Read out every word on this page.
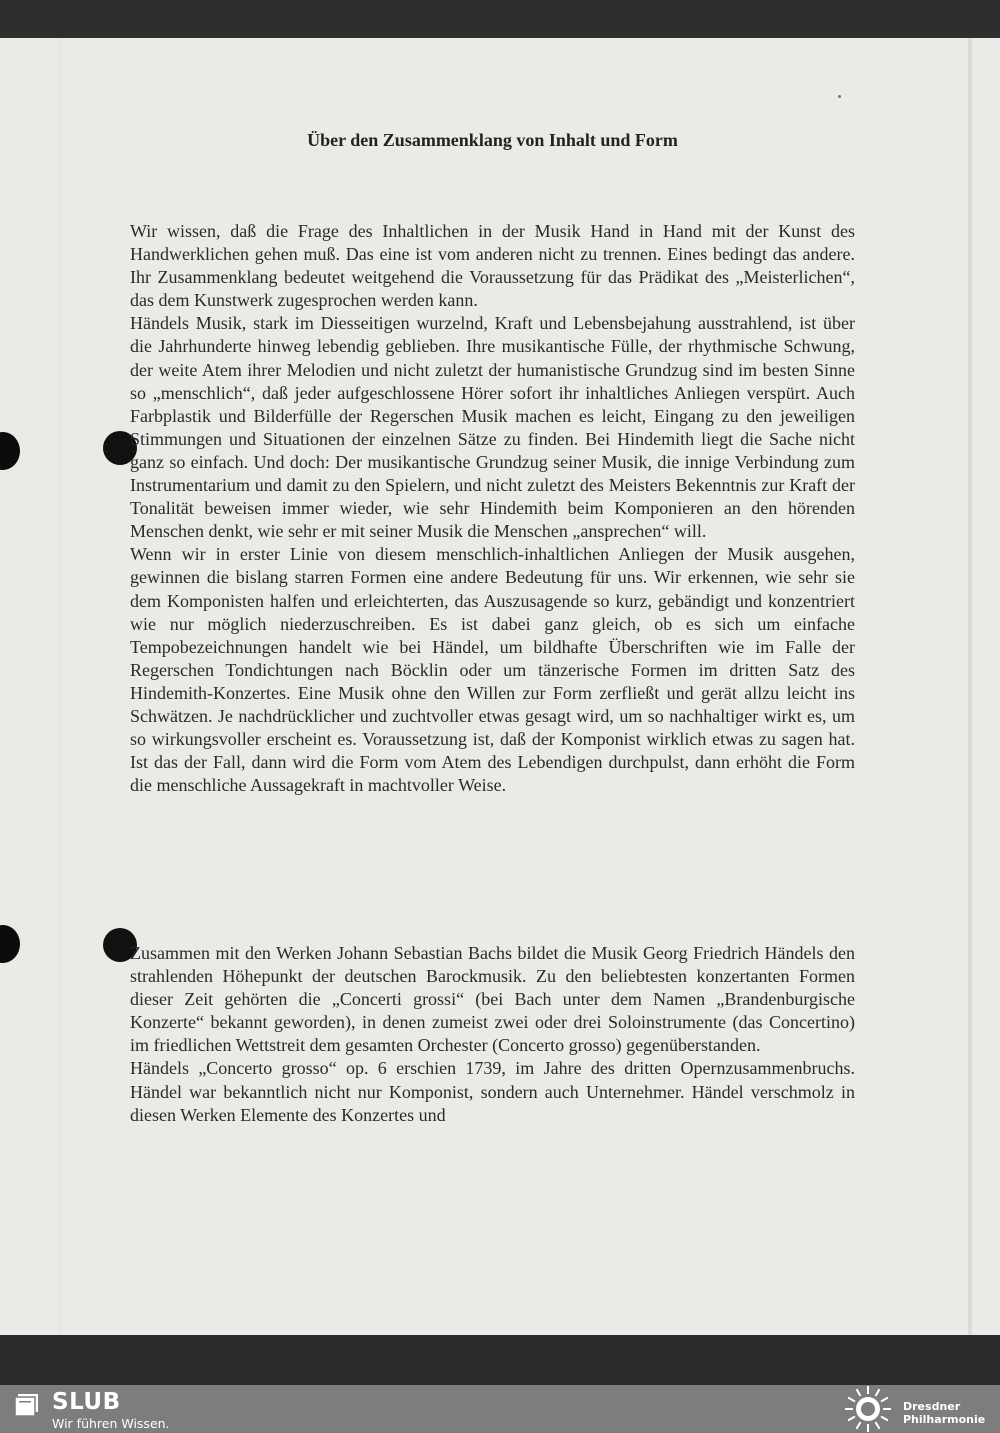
Über den Zusammenklang von Inhalt und Form

Wir wissen, daß die Frage des Inhaltlichen in der Musik Hand in Hand mit der Kunst des Handwerklichen gehen muß. Das eine ist vom anderen nicht zu trennen. Eines bedingt das andere. Ihr Zusammenklang bedeutet weitgehend die Voraussetzung für das Prädikat des „Meisterlichen“, das dem Kunstwerk zugesprochen werden kann.

Händels Musik, stark im Diesseitigen wurzelnd, Kraft und Lebensbejahung ausstrahlend, ist über die Jahrhunderte hinweg lebendig geblieben. Ihre musikantische Fülle, der rhythmische Schwung, der weite Atem ihrer Melodien und nicht zuletzt der humanistische Grundzug sind im besten Sinne so „menschlich“, daß jeder aufgeschlossene Hörer sofort ihr inhaltliches Anliegen verspürt. Auch Farbplastik und Bilderfülle der Regerschen Musik machen es leicht, Eingang zu den jeweiligen Stimmungen und Situationen der einzelnen Sätze zu finden. Bei Hindemith liegt die Sache nicht ganz so einfach. Und doch: Der musikantische Grundzug seiner Musik, die innige Verbindung zum Instrumentarium und damit zu den Spielern, und nicht zuletzt des Meisters Bekenntnis zur Kraft der Tonalität beweisen immer wieder, wie sehr Hindemith beim Komponieren an den hörenden Menschen denkt, wie sehr er mit seiner Musik die Menschen „ansprechen“ will.

Wenn wir in erster Linie von diesem menschlich-inhaltlichen Anliegen der Musik ausgehen, gewinnen die bislang starren Formen eine andere Bedeutung für uns. Wir erkennen, wie sehr sie dem Komponisten halfen und erleichterten, das Auszusagende so kurz, gebändigt und konzentriert wie nur möglich niederzuschreiben. Es ist dabei ganz gleich, ob es sich um einfache Tempobezeichnungen handelt wie bei Händel, um bildhafte Überschriften wie im Falle der Regerschen Tondichtungen nach Böcklin oder um tänzerische Formen im dritten Satz des Hindemith-Konzertes. Eine Musik ohne den Willen zur Form zerfließt und gerät allzu leicht ins Schwätzen. Je nachdrücklicher und zuchtvoller etwas gesagt wird, um so nachhaltiger wirkt es, um so wirkungsvoller erscheint es. Voraussetzung ist, daß der Komponist wirklich etwas zu sagen hat. Ist das der Fall, dann wird die Form vom Atem des Lebendigen durchpulst, dann erhöht die Form die menschliche Aussagekraft in machtvoller Weise.

Zusammen mit den Werken Johann Sebastian Bachs bildet die Musik Georg Friedrich Händels den strahlenden Höhepunkt der deutschen Barockmusik. Zu den beliebtesten konzertanten Formen dieser Zeit gehörten die „Concerti grossi“ (bei Bach unter dem Namen „Brandenburgische Konzerte“ bekannt geworden), in denen zumeist zwei oder drei Soloinstrumente (das Concertino) im friedlichen Wettstreit dem gesamten Orchester (Concerto grosso) gegenüberstanden.

Händels „Concerto grosso“ op. 6 erschien 1739, im Jahre des dritten Opernzusammenbruchs. Händel war bekanntlich nicht nur Komponist, sondern auch Unternehmer. Händel verschmolz in diesen Werken Elemente des Konzertes und

SLUB
Wir führen Wissen.
Dresdner
Philharmonie
